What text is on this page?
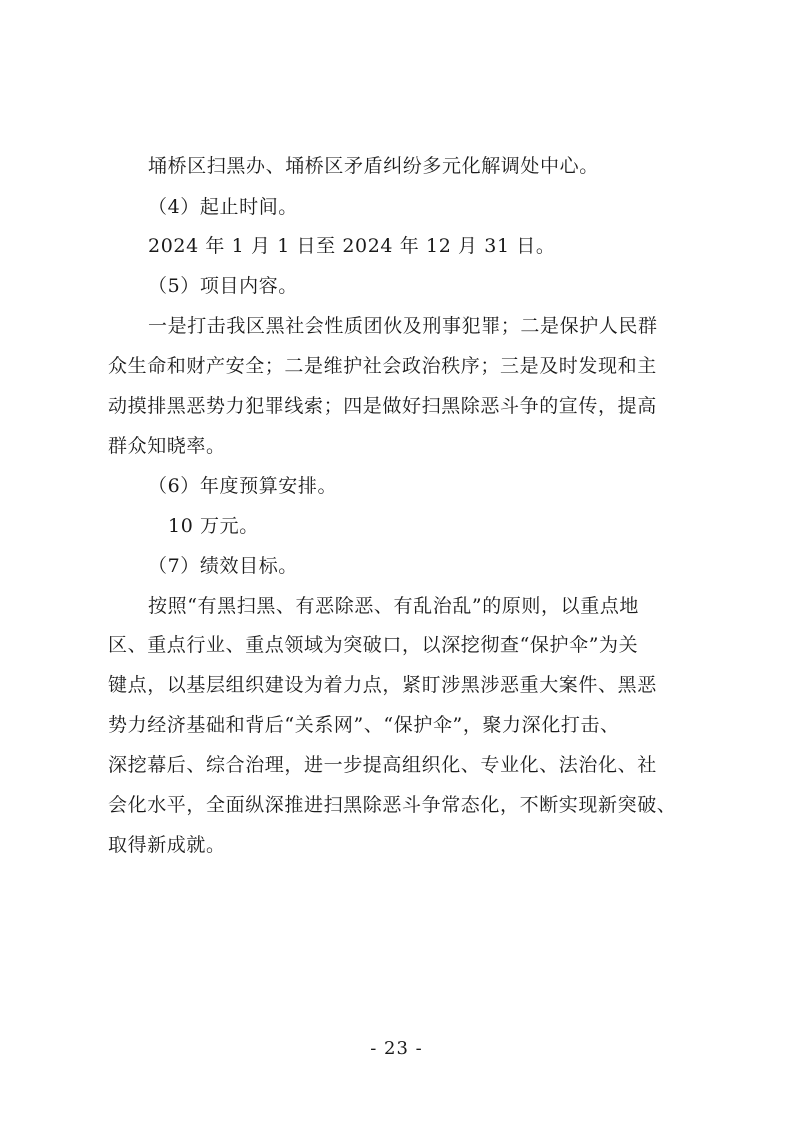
埇桥区扫黑办、埇桥区矛盾纠纷多元化解调处中心。
（4）起止时间。
2024 年 1 月 1 日至 2024 年 12 月 31 日。
（5）项目内容。
一是打击我区黑社会性质团伙及刑事犯罪；二是保护人民群
众生命和财产安全；二是维护社会政治秩序；三是及时发现和主
动摸排黑恶势力犯罪线索；四是做好扫黑除恶斗争的宣传，提高
群众知晓率。
（6）年度预算安排。
10 万元。
（7）绩效目标。
按照“有黑扫黑、有恶除恶、有乱治乱”的原则，以重点地
区、重点行业、重点领域为突破口，以深挖彻查“保护伞”为关
键点，以基层组织建设为着力点，紧盯涉黑涉恶重大案件、黑恶
势力经济基础和背后“关系网”、“保护伞”，聚力深化打击、
深挖幕后、综合治理，进一步提高组织化、专业化、法治化、社
会化水平，全面纵深推进扫黑除恶斗争常态化，不断实现新突破、
取得新成就。
- 23 -
